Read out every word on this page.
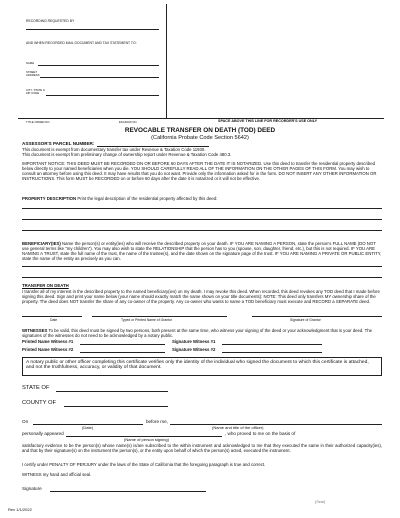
RECORDING REQUESTED BY
AND WHEN RECORDED MAIL DOCUMENT AND TAX STATEMENT TO:
NAME
STREET ADDRESS
CITY, STATE & ZIP CODE
TITLE ORDER NO.	ESCROW NO.	SPACE ABOVE THIS LINE FOR RECORDER'S USE ONLY
REVOCABLE TRANSFER ON DEATH (TOD) DEED
(California Probate Code Section 5642)
ASSESSOR'S PARCEL NUMBER:
This document is exempt from documentary transfer tax under Revenue & Taxation Code 11930.
This document is exempt from preliminary change of ownership report under Revenue & Taxation Code 480.3.
IMPORTANT NOTICE: THIS DEED MUST BE RECORDED ON OR BEFORE 60 DAYS AFTER THE DATE IT IS NOTARIZED. Use this deed to transfer the residential property described below directly to your named beneficiaries when you die. YOU SHOULD CAREFULLY READ ALL OF THE INFORMATION ON THE OTHER PAGES OF THIS FORM. You may wish to consult an attorney before using this deed. It may have results that you do not want. Provide only the information asked for in the form. DO NOT INSERT ANY OTHER INFORMATION OR INSTRUCTIONS. This form MUST be RECORDED on or before 60 days after the date it is notarized or it will not be effective.
PROPERTY DESCRIPTION Print the legal description of the residential property affected by this deed:
BENEFICIARY(IES) Name the person(s) or entity(ies) who will receive the described property on your death. IF YOU ARE NAMING A PERSON, state the person's FULL NAME (DO NOT use general terms like "my children"). You may also wish to state the RELATIONSHIP that the person has to you (spouse, son, daughter, friend, etc.), but this is not required. IF YOU ARE NAMING A TRUST, state the full name of the trust, the name of the trustee(s), and the date shown on the signature page of the trust. IF YOU ARE NAMING A PRIVATE OR PUBLIC ENTITY, state the name of the entity as precisely as you can.
TRANSFER ON DEATH
I transfer all of my interest in the described property to the named beneficiary(ies) on my death. I may revoke this deed. When recorded, this deed revokes any TOD deed that I made before signing this deed. Sign and print your name below (your name should exactly match the name shown on your title documents): NOTE: This deed only transfers MY ownership share of the property. The deed does NOT transfer the share of any co-owner of the property. Any co-owner who wants to name a TOD beneficiary must execute and RECORD a SEPARATE deed.
Date	Typed or Printed Name of Grantor	Signature of Grantor
WITNESSES To be valid, this deed must be signed by two persons, both present at the same time, who witness your signing of the deed or your acknowledgment that is your deed. The signatures of the witnesses do not need to be acknowledged by a notary public.
Printed Name Witness #1	Signature Witness #1
Printed Name Witness #2	Signature Witness #2
A notary public or other officer completing this certificate verifies only the identity of the individual who signed the document to which this certificate is attached, and not the truthfulness, accuracy, or validity of that document.
STATE OF
COUNTY OF
On	before me,
(Date)	(Name and title of the officer)
personally appeared	, who proved to me on the basis of
(Name of person signing)
satisfactory evidence to be the person(s) whose name(s) is/are subscribed to the within instrument and acknowledged to me that they executed the same in their authorized capacity(ies), and that by their signature(s) on the instrument the person(s), or the entity upon behalf of which the person(s) acted, executed the instrument.
I certify under PENALTY OF PERJURY under the laws of the State of California that the foregoing paragraph is true and correct.
WITNESS my hand and official seal.
Signature
(Seal)
Rev 1/1/2022
